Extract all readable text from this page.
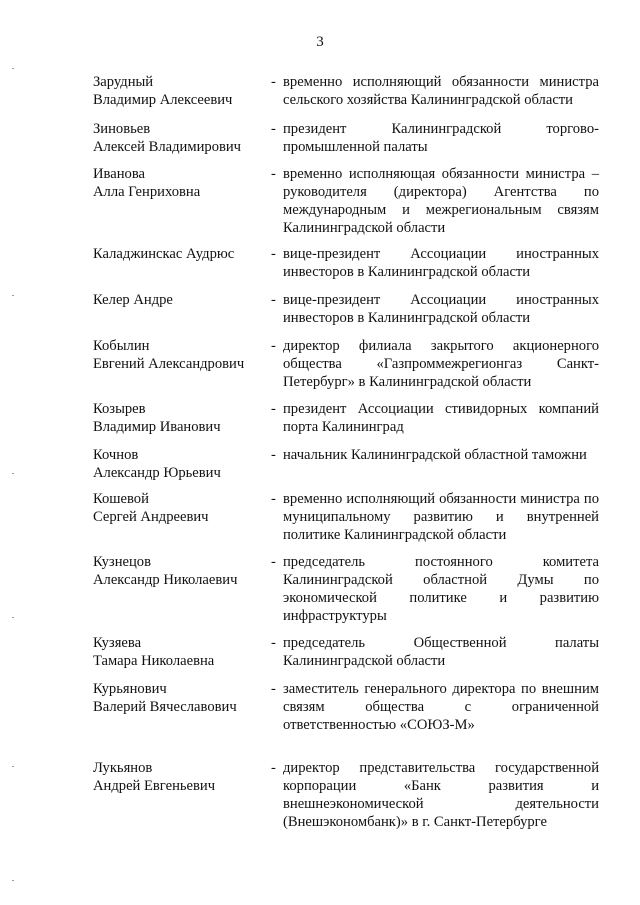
3
Зарудный
Владимир Алексеевич
- временно исполняющий обязанности министра сельского хозяйства Калининградской области
Зиновьев
Алексей Владимирович
- президент Калининградской торгово-промышленной палаты
Иванова
Алла Генриховна
- временно исполняющая обязанности министра – руководителя (директора) Агентства по международным и межрегиональным связям Калининградской области
Каладжинскас Аудрюс	- вице-президент Ассоциации иностранных инвесторов в Калининградской области
Келер Андре	- вице-президент Ассоциации иностранных инвесторов в Калининградской области
Кобылин
Евгений Александрович
- директор филиала закрытого акционерного общества «Газпроммежрегионгаз Санкт-Петербург» в Калининградской области
Козырев
Владимир Иванович
- президент Ассоциации стивидорных компаний порта Калининград
Кочнов
Александр Юрьевич
- начальник Калининградской областной таможни
Кошевой
Сергей Андреевич
- временно исполняющий обязанности министра по муниципальному развитию и внутренней политике Калининградской области
Кузнецов
Александр Николаевич
- председатель постоянного комитета Калининградской областной Думы по экономической политике и развитию инфраструктуры
Кузяева
Тамара Николаевна
- председатель Общественной палаты Калининградской области
Курьянович
Валерий Вячеславович
- заместитель генерального директора по внешним связям общества с ограниченной ответственностью «СОЮЗ-М»
Лукьянов
Андрей Евгеньевич
- директор представительства государственной корпорации «Банк развития и внешнеэкономической деятельности (Внешэкономбанк)» в г. Санкт-Петербурге
